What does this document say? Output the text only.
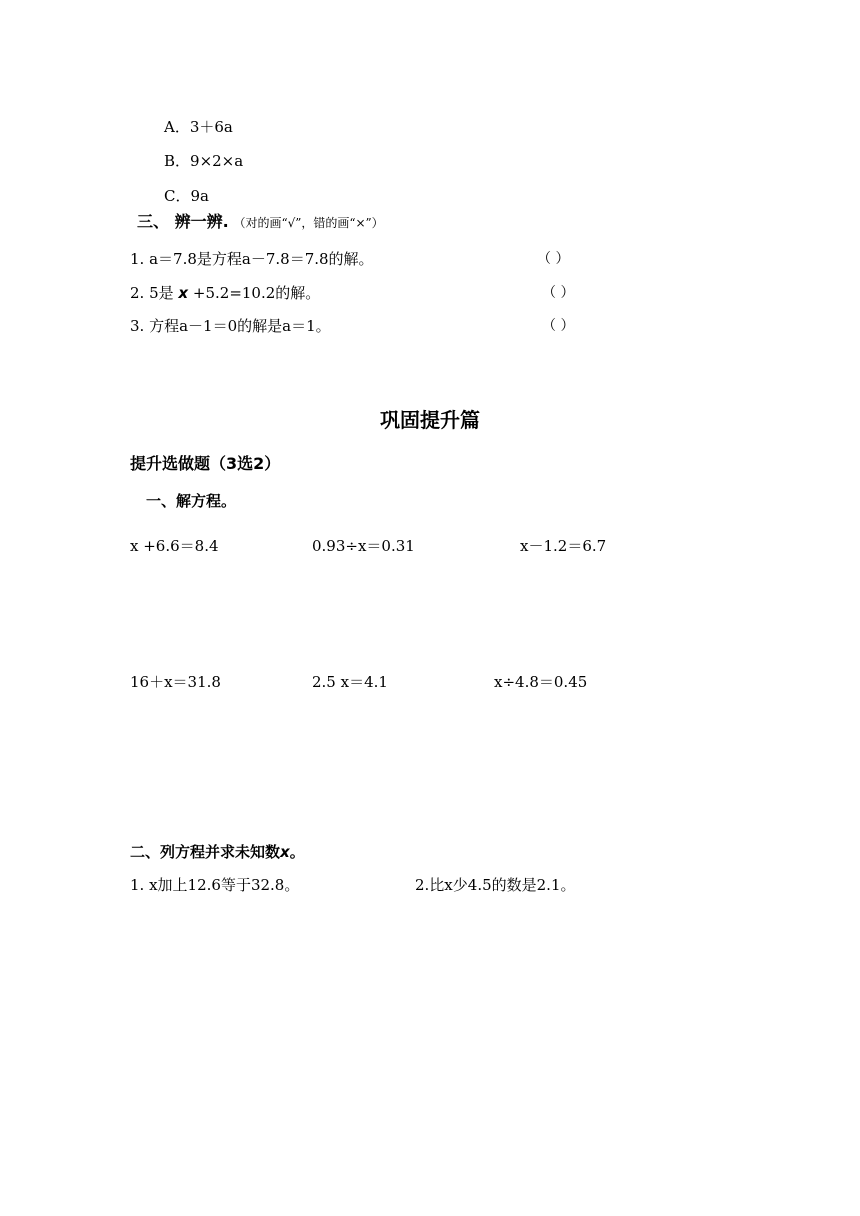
A．3＋6a
B．9×2×a
C．9a
三、 辨一辨. （对的画“√”，错的画“×”）
1. a＝7.8是方程a－7.8＝7.8的解。	（ ）
2. 5是 x +5.2=10.2的解。	（ ）
3. 方程a－1＝0的解是a＝1。	（ ）
巩固提升篇
提升选做题（3选2）
一、解方程。
x +6.6＝8.4	0.93÷x＝0.31	x－1.2＝6.7
16＋x＝31.8	2.5 x＝4.1	x÷4.8＝0.45
二、列方程并求未知数x。
1. x加上12.6等于32.8。	2.比x少4.5的数是2.1。
